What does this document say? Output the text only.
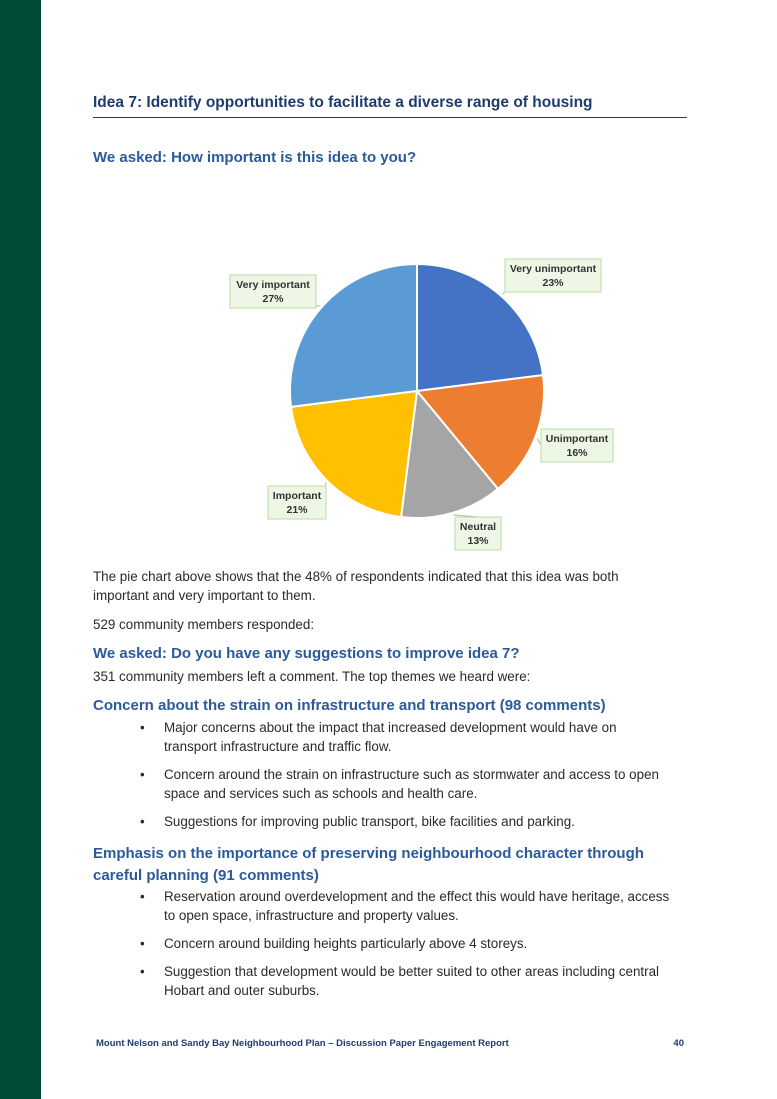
Idea 7: Identify opportunities to facilitate a diverse range of housing
We asked: How important is this idea to you?
Very unimportant
23%
Unimportant
16%
Neutral
13%
Important
21%
Very important
27%
The pie chart above shows that the 48% of respondents indicated that this idea was both important and very important to them.
529 community members responded:
We asked: Do you have any suggestions to improve idea 7?
351 community members left a comment. The top themes we heard were:
Concern about the strain on infrastructure and transport (98 comments)
• Major concerns about the impact that increased development would have on transport infrastructure and traffic flow.
• Concern around the strain on infrastructure such as stormwater and access to open space and services such as schools and health care.
• Suggestions for improving public transport, bike facilities and parking.
Emphasis on the importance of preserving neighbourhood character through careful planning (91 comments)
• Reservation around overdevelopment and the effect this would have heritage, access to open space, infrastructure and property values.
• Concern around building heights particularly above 4 storeys.
• Suggestion that development would be better suited to other areas including central Hobart and outer suburbs.
Mount Nelson and Sandy Bay Neighbourhood Plan – Discussion Paper Engagement Report	40
